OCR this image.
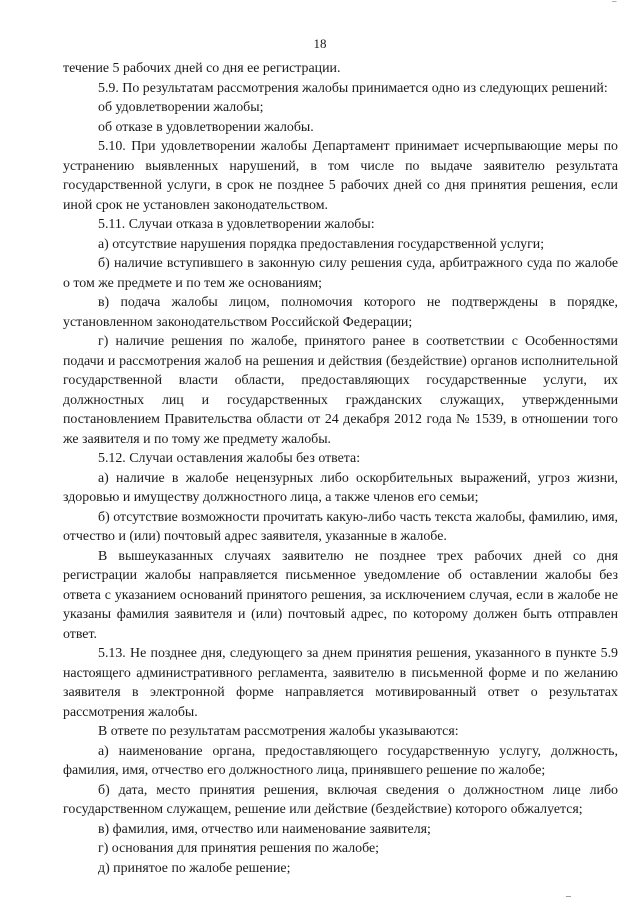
–
18

течение 5 рабочих дней со дня ее регистрации.

5.9. По результатам рассмотрения жалобы принимается одно из следующих решений:

об удовлетворении жалобы;

об отказе в удовлетворении жалобы.

5.10. При удовлетворении жалобы Департамент принимает исчерпывающие меры по устранению выявленных нарушений, в том числе по выдаче заявителю результата государственной услуги, в срок не позднее 5 рабочих дней со дня принятия решения, если иной срок не установлен законодательством.

5.11. Случаи отказа в удовлетворении жалобы:

а) отсутствие нарушения порядка предоставления государственной услуги;

б) наличие вступившего в законную силу решения суда, арбитражного суда по жалобе о том же предмете и по тем же основаниям;

в) подача жалобы лицом, полномочия которого не подтверждены в порядке, установленном законодательством Российской Федерации;

г) наличие решения по жалобе, принятого ранее в соответствии с Особенностями подачи и рассмотрения жалоб на решения и действия (бездействие) органов исполнительной государственной власти области, предоставляющих государственные услуги, их должностных лиц и государственных гражданских служащих, утвержденными постановлением Правительства области от 24 декабря 2012 года № 1539, в отношении того же заявителя и по тому же предмету жалобы.

5.12. Случаи оставления жалобы без ответа:

а) наличие в жалобе нецензурных либо оскорбительных выражений, угроз жизни, здоровью и имуществу должностного лица, а также членов его семьи;

б) отсутствие возможности прочитать какую-либо часть текста жалобы, фамилию, имя, отчество и (или) почтовый адрес заявителя, указанные в жалобе.

В вышеуказанных случаях заявителю не позднее трех рабочих дней со дня регистрации жалобы направляется письменное уведомление об оставлении жалобы без ответа с указанием оснований принятого решения, за исключением случая, если в жалобе не указаны фамилия заявителя и (или) почтовый адрес, по которому должен быть отправлен ответ.

5.13. Не позднее дня, следующего за днем принятия решения, указанного в пункте 5.9 настоящего административного регламента, заявителю в письменной форме и по желанию заявителя в электронной форме направляется мотивированный ответ о результатах рассмотрения жалобы.

В ответе по результатам рассмотрения жалобы указываются:

а) наименование органа, предоставляющего государственную услугу, должность, фамилия, имя, отчество его должностного лица, принявшего решение по жалобе;

б) дата, место принятия решения, включая сведения о должностном лице либо государственном служащем, решение или действие (бездействие) которого обжалуется;

в) фамилия, имя, отчество или наименование заявителя;

г) основания для принятия решения по жалобе;

д) принятое по жалобе решение;

–
